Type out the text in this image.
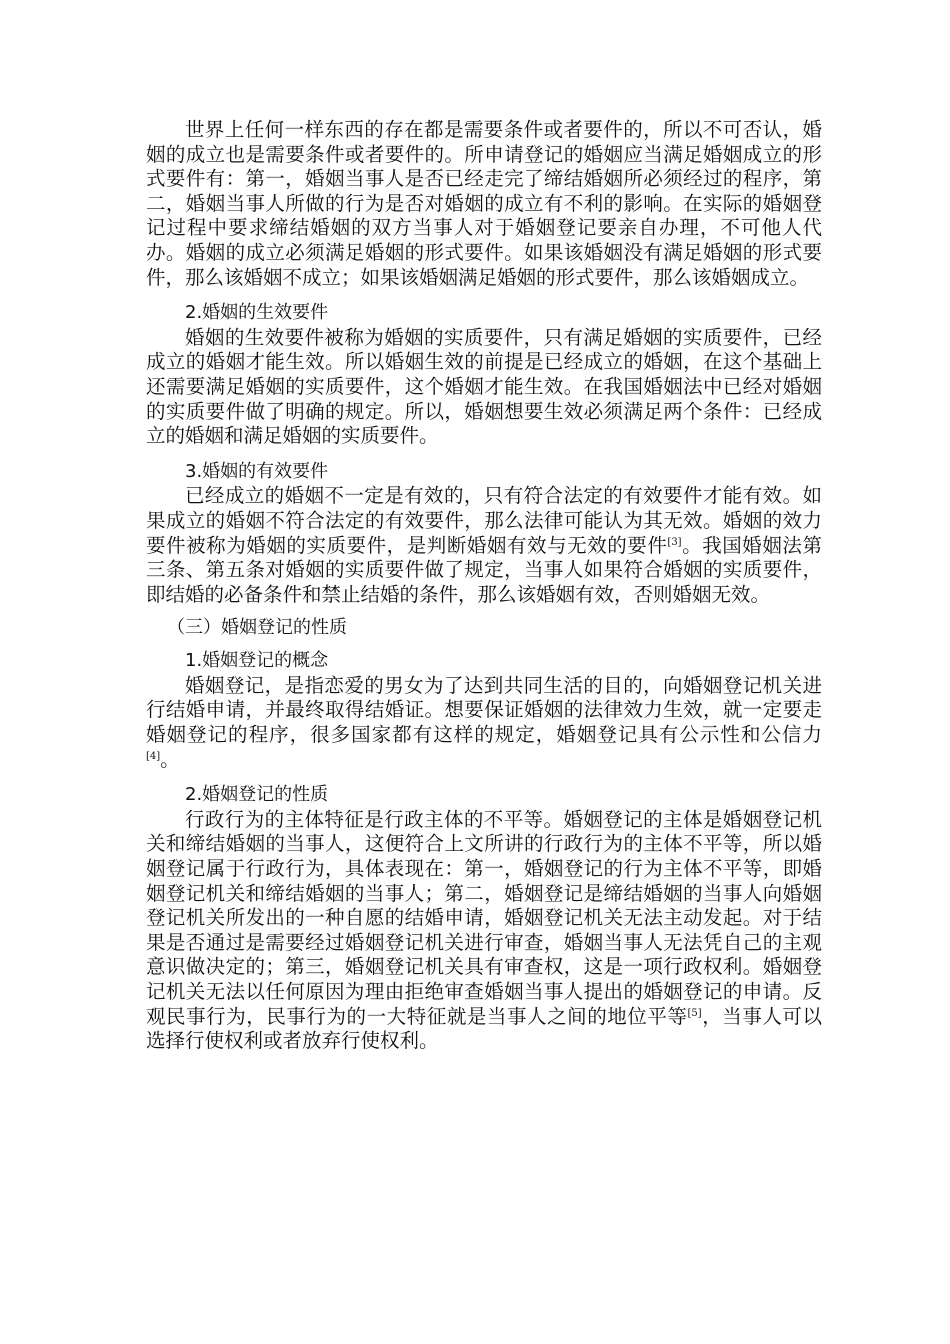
世界上任何一样东西的存在都是需要条件或者要件的，所以不可否认，婚姻的成立也是需要条件或者要件的。所申请登记的婚姻应当满足婚姻成立的形式要件有：第一，婚姻当事人是否已经走完了缔结婚姻所必须经过的程序，第二，婚姻当事人所做的行为是否对婚姻的成立有不利的影响。在实际的婚姻登记过程中要求缔结婚姻的双方当事人对于婚姻登记要亲自办理，不可他人代办。婚姻的成立必须满足婚姻的形式要件。如果该婚姻没有满足婚姻的形式要件，那么该婚姻不成立；如果该婚姻满足婚姻的形式要件，那么该婚姻成立。

2.婚姻的生效要件

婚姻的生效要件被称为婚姻的实质要件，只有满足婚姻的实质要件，已经成立的婚姻才能生效。所以婚姻生效的前提是已经成立的婚姻，在这个基础上还需要满足婚姻的实质要件，这个婚姻才能生效。在我国婚姻法中已经对婚姻的实质要件做了明确的规定。所以，婚姻想要生效必须满足两个条件：已经成立的婚姻和满足婚姻的实质要件。

3.婚姻的有效要件

已经成立的婚姻不一定是有效的，只有符合法定的有效要件才能有效。如果成立的婚姻不符合法定的有效要件，那么法律可能认为其无效。婚姻的效力要件被称为婚姻的实质要件，是判断婚姻有效与无效的要件[3]。我国婚姻法第三条、第五条对婚姻的实质要件做了规定，当事人如果符合婚姻的实质要件，即结婚的必备条件和禁止结婚的条件，那么该婚姻有效，否则婚姻无效。

（三）婚姻登记的性质

1.婚姻登记的概念

婚姻登记，是指恋爱的男女为了达到共同生活的目的，向婚姻登记机关进行结婚申请，并最终取得结婚证。想要保证婚姻的法律效力生效，就一定要走婚姻登记的程序，很多国家都有这样的规定，婚姻登记具有公示性和公信力[4]。

2.婚姻登记的性质

行政行为的主体特征是行政主体的不平等。婚姻登记的主体是婚姻登记机关和缔结婚姻的当事人，这便符合上文所讲的行政行为的主体不平等，所以婚姻登记属于行政行为，具体表现在：第一，婚姻登记的行为主体不平等，即婚姻登记机关和缔结婚姻的当事人；第二，婚姻登记是缔结婚姻的当事人向婚姻登记机关所发出的一种自愿的结婚申请，婚姻登记机关无法主动发起。对于结果是否通过是需要经过婚姻登记机关进行审查，婚姻当事人无法凭自己的主观意识做决定的；第三，婚姻登记机关具有审查权，这是一项行政权利。婚姻登记机关无法以任何原因为理由拒绝审查婚姻当事人提出的婚姻登记的申请。反观民事行为，民事行为的一大特征就是当事人之间的地位平等[5]，当事人可以选择行使权利或者放弃行使权利。
